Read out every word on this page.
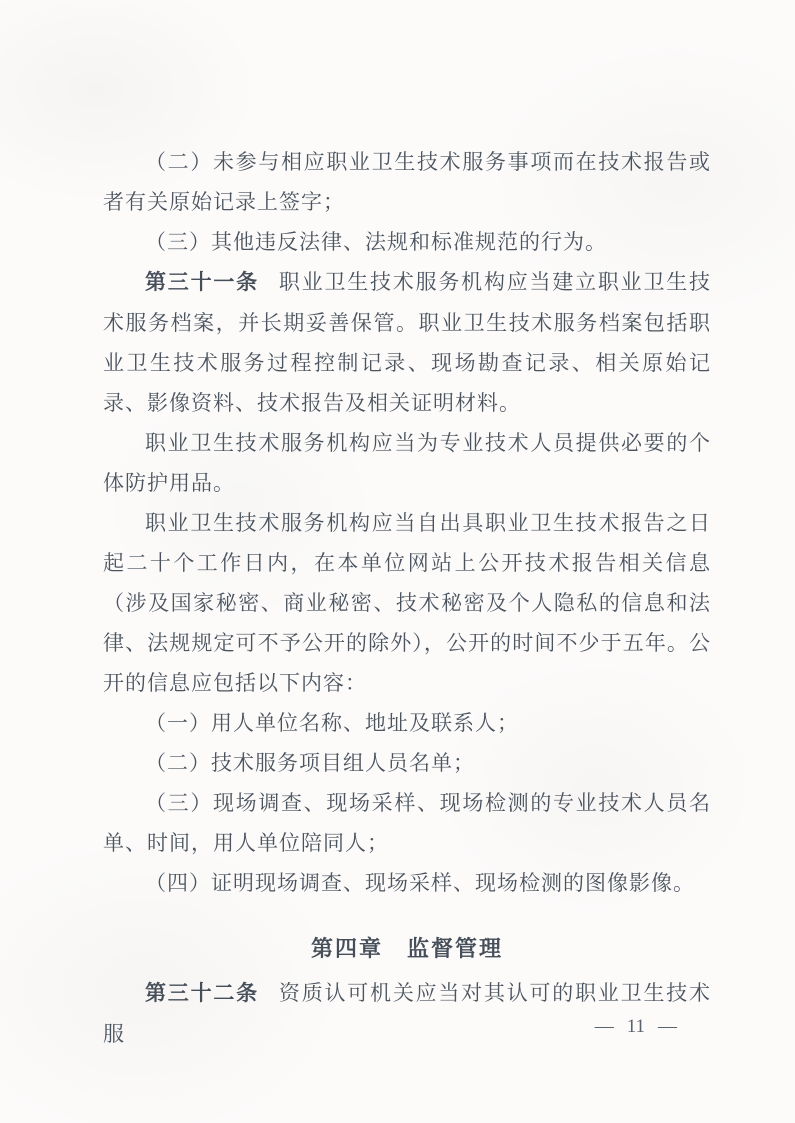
（二）未参与相应职业卫生技术服务事项而在技术报告或者有关原始记录上签字；

（三）其他违反法律、法规和标准规范的行为。

第三十一条 职业卫生技术服务机构应当建立职业卫生技术服务档案，并长期妥善保管。职业卫生技术服务档案包括职业卫生技术服务过程控制记录、现场勘查记录、相关原始记录、影像资料、技术报告及相关证明材料。

职业卫生技术服务机构应当为专业技术人员提供必要的个体防护用品。

职业卫生技术服务机构应当自出具职业卫生技术报告之日起二十个工作日内，在本单位网站上公开技术报告相关信息（涉及国家秘密、商业秘密、技术秘密及个人隐私的信息和法律、法规规定可不予公开的除外），公开的时间不少于五年。公开的信息应包括以下内容：

（一）用人单位名称、地址及联系人；

（二）技术服务项目组人员名单；

（三）现场调查、现场采样、现场检测的专业技术人员名单、时间，用人单位陪同人；

（四）证明现场调查、现场采样、现场检测的图像影像。

第四章　监督管理

第三十二条 资质认可机关应当对其认可的职业卫生技术服	— 11 —
